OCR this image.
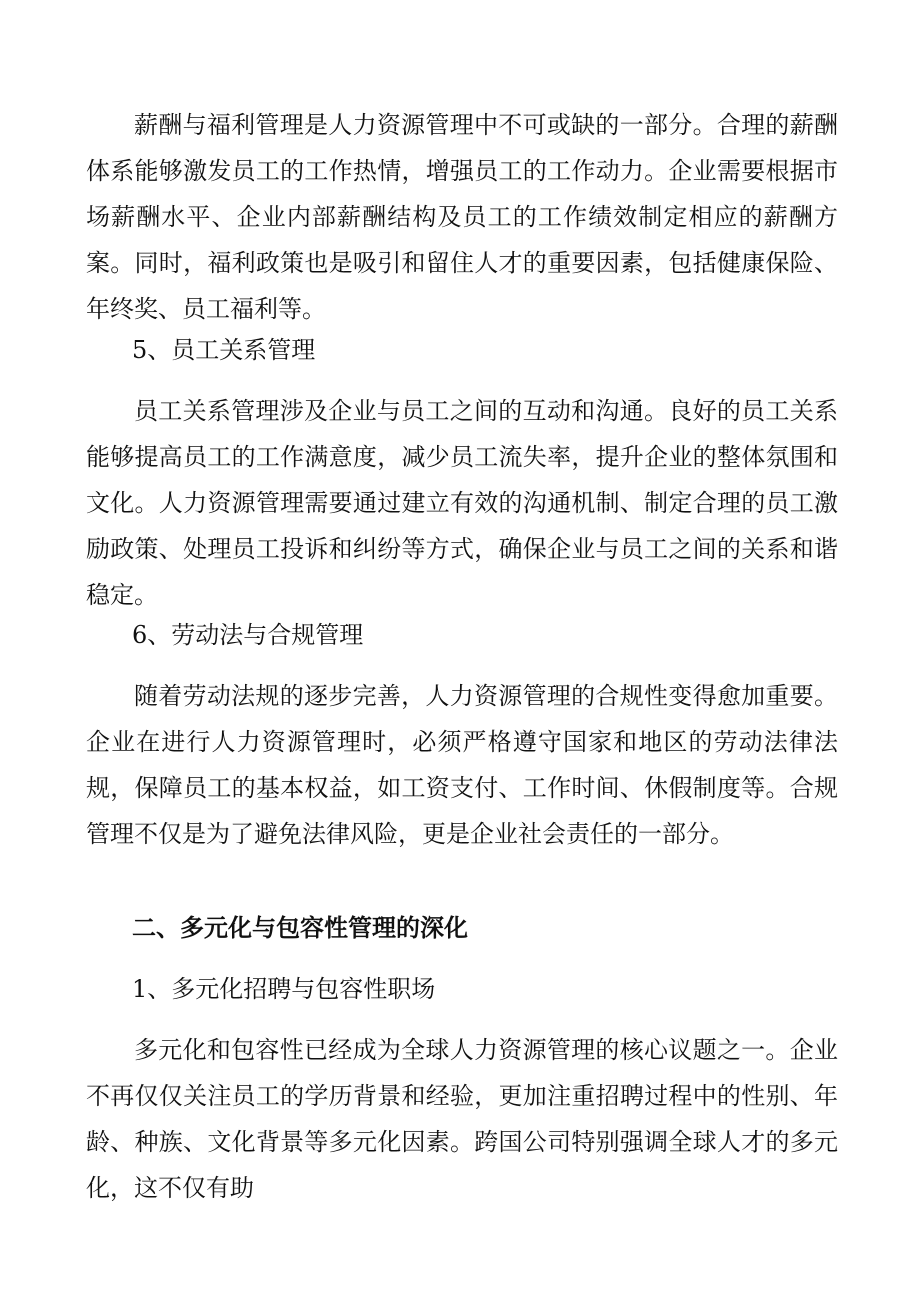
薪酬与福利管理是人力资源管理中不可或缺的一部分。合理的薪酬体系能够激发员工的工作热情，增强员工的工作动力。企业需要根据市场薪酬水平、企业内部薪酬结构及员工的工作绩效制定相应的薪酬方案。同时，福利政策也是吸引和留住人才的重要因素，包括健康保险、年终奖、员工福利等。

5、员工关系管理

员工关系管理涉及企业与员工之间的互动和沟通。良好的员工关系能够提高员工的工作满意度，减少员工流失率，提升企业的整体氛围和文化。人力资源管理需要通过建立有效的沟通机制、制定合理的员工激励政策、处理员工投诉和纠纷等方式，确保企业与员工之间的关系和谐稳定。

6、劳动法与合规管理

随着劳动法规的逐步完善，人力资源管理的合规性变得愈加重要。企业在进行人力资源管理时，必须严格遵守国家和地区的劳动法律法规，保障员工的基本权益，如工资支付、工作时间、休假制度等。合规管理不仅是为了避免法律风险，更是企业社会责任的一部分。

二、多元化与包容性管理的深化

1、多元化招聘与包容性职场

多元化和包容性已经成为全球人力资源管理的核心议题之一。企业不再仅仅关注员工的学历背景和经验，更加注重招聘过程中的性别、年龄、种族、文化背景等多元化因素。跨国公司特别强调全球人才的多元化，这不仅有助
